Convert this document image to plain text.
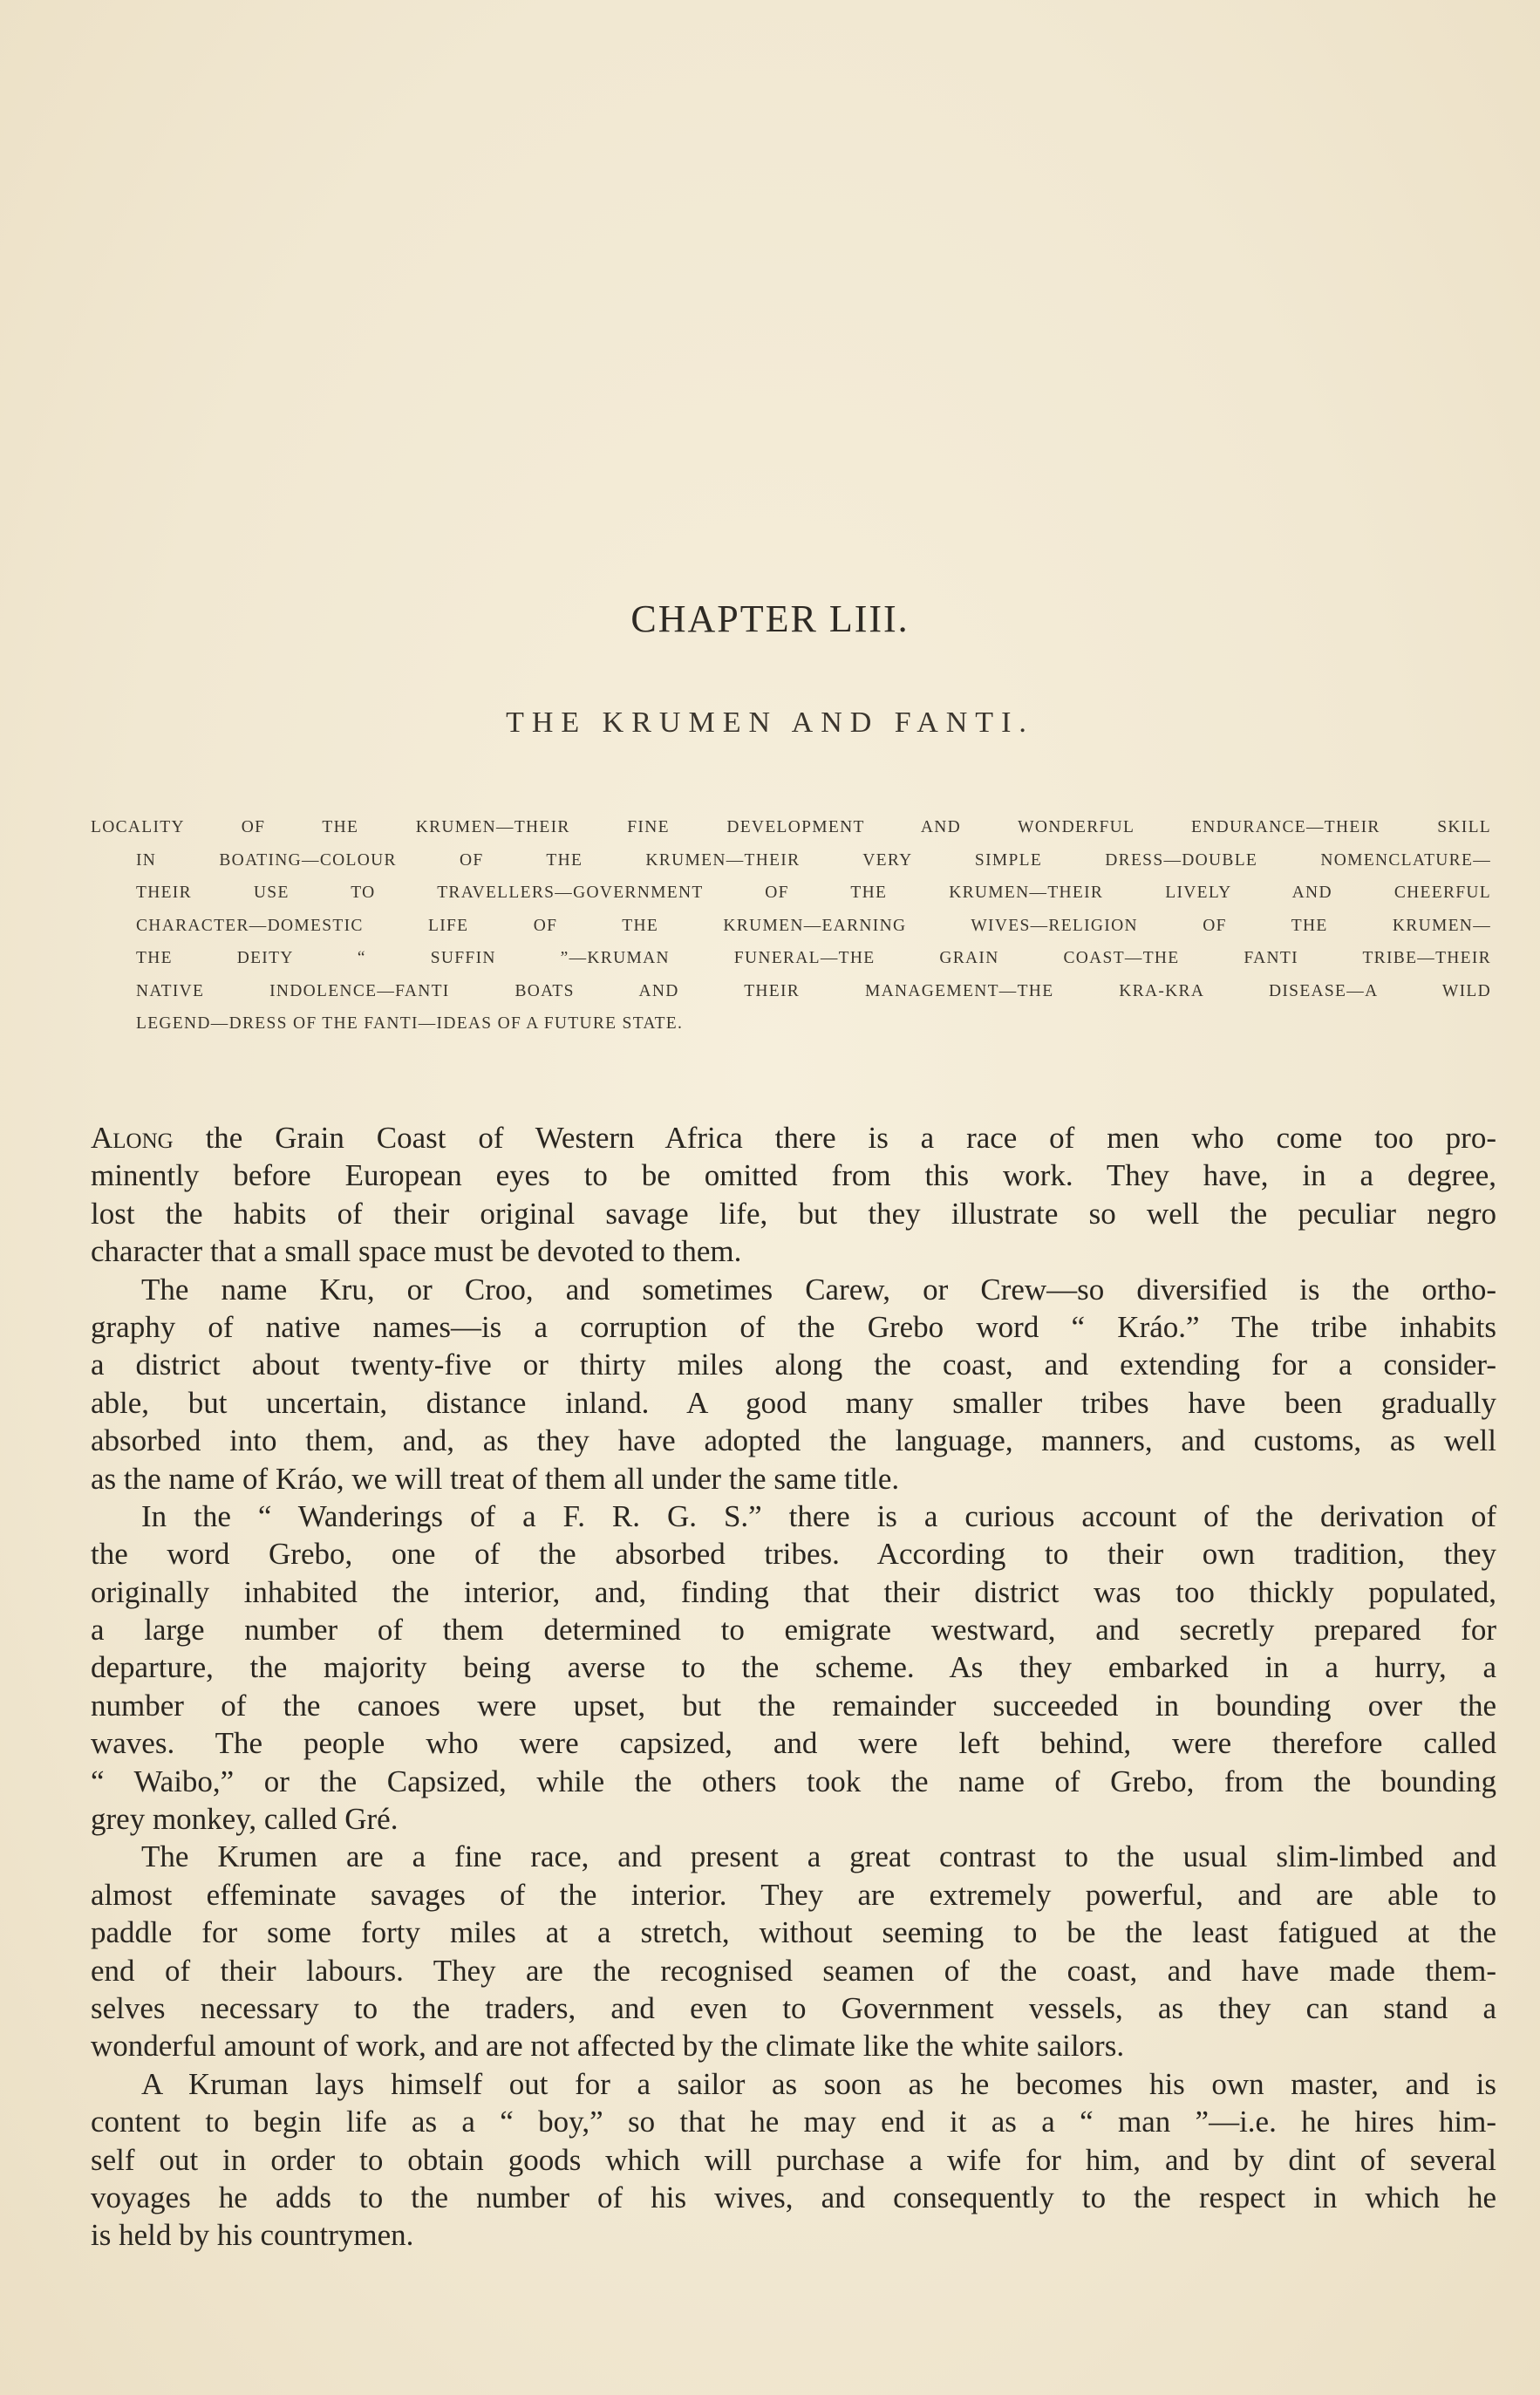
CHAPTER LIII.
THE KRUMEN AND FANTI.
LOCALITY OF THE KRUMEN—THEIR FINE DEVELOPMENT AND WONDERFUL ENDURANCE—THEIR SKILL
IN BOATING—COLOUR OF THE KRUMEN—THEIR VERY SIMPLE DRESS—DOUBLE NOMENCLATURE—
THEIR USE TO TRAVELLERS—GOVERNMENT OF THE KRUMEN—THEIR LIVELY AND CHEERFUL
CHARACTER—DOMESTIC LIFE OF THE KRUMEN—EARNING WIVES—RELIGION OF THE KRUMEN—
THE DEITY “ SUFFIN ”—KRUMAN FUNERAL—THE GRAIN COAST—THE FANTI TRIBE—THEIR
NATIVE INDOLENCE—FANTI BOATS AND THEIR MANAGEMENT—THE KRA-KRA DISEASE—A WILD
LEGEND—DRESS OF THE FANTI—IDEAS OF A FUTURE STATE.
Along the Grain Coast of Western Africa there is a race of men who come too pro-
minently before European eyes to be omitted from this work. They have, in a degree,
lost the habits of their original savage life, but they illustrate so well the peculiar negro
character that a small space must be devoted to them.
The name Kru, or Croo, and sometimes Carew, or Crew—so diversified is the ortho-
graphy of native names—is a corruption of the Grebo word “ Kráo.” The tribe inhabits
a district about twenty-five or thirty miles along the coast, and extending for a consider-
able, but uncertain, distance inland. A good many smaller tribes have been gradually
absorbed into them, and, as they have adopted the language, manners, and customs, as well
as the name of Kráo, we will treat of them all under the same title.
In the “ Wanderings of a F. R. G. S.” there is a curious account of the derivation of
the word Grebo, one of the absorbed tribes. According to their own tradition, they
originally inhabited the interior, and, finding that their district was too thickly populated,
a large number of them determined to emigrate westward, and secretly prepared for
departure, the majority being averse to the scheme. As they embarked in a hurry, a
number of the canoes were upset, but the remainder succeeded in bounding over the
waves. The people who were capsized, and were left behind, were therefore called
“ Waibo,” or the Capsized, while the others took the name of Grebo, from the bounding
grey monkey, called Gré.
The Krumen are a fine race, and present a great contrast to the usual slim-limbed and
almost effeminate savages of the interior. They are extremely powerful, and are able to
paddle for some forty miles at a stretch, without seeming to be the least fatigued at the
end of their labours. They are the recognised seamen of the coast, and have made them-
selves necessary to the traders, and even to Government vessels, as they can stand a
wonderful amount of work, and are not affected by the climate like the white sailors.
A Kruman lays himself out for a sailor as soon as he becomes his own master, and is
content to begin life as a “ boy,” so that he may end it as a “ man ”—i.e. he hires him-
self out in order to obtain goods which will purchase a wife for him, and by dint of several
voyages he adds to the number of his wives, and consequently to the respect in which he
is held by his countrymen.
